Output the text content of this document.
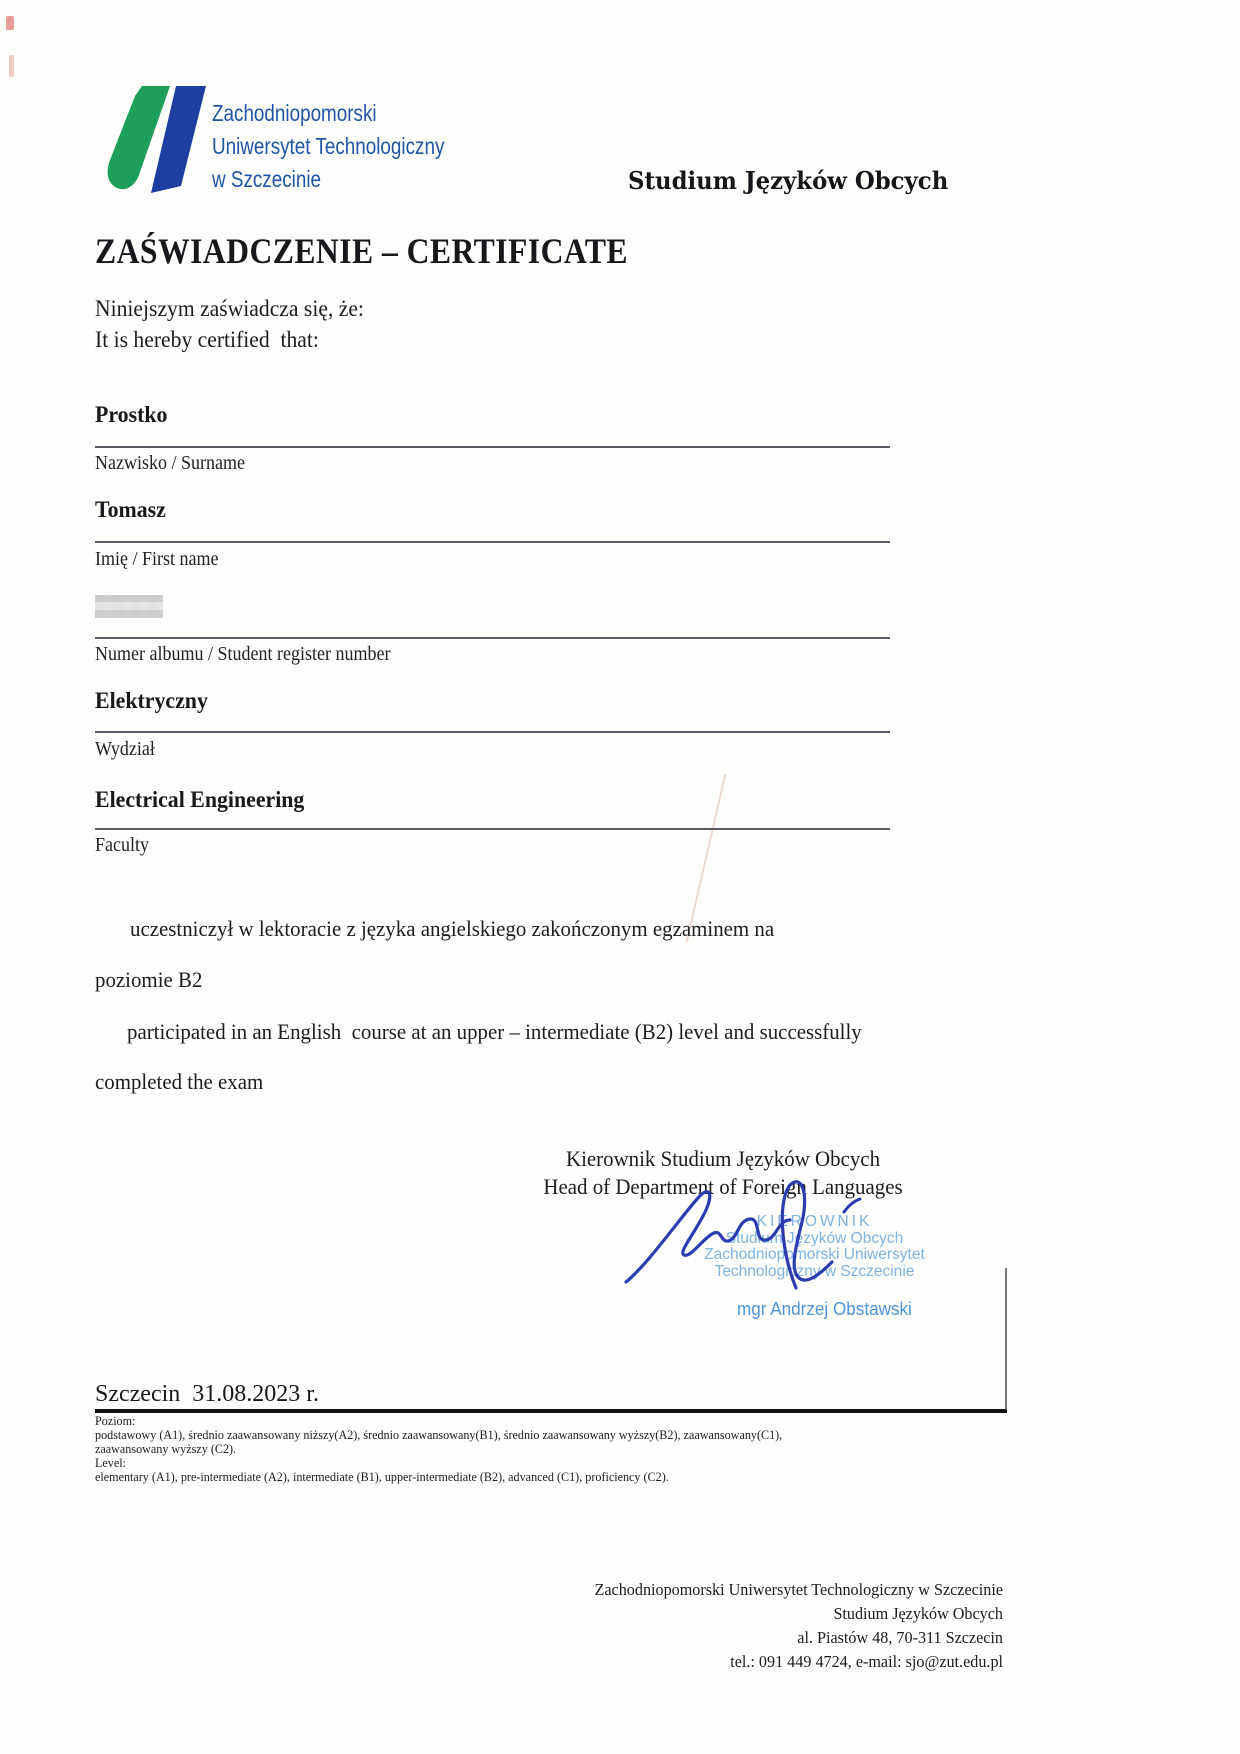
Zachodniopomorski
Uniwersytet Technologiczny
w Szczecinie	Studium Języków Obcych
ZAŚWIADCZENIE – CERTIFICATE
Niniejszym zaświadcza się, że:
It is hereby certified  that:
Prostko
Nazwisko / Surname
Tomasz
Imię / First name
Numer albumu / Student register number
Elektryczny
Wydział
Electrical Engineering
Faculty
uczestniczył w lektoracie z języka angielskiego zakończonym egzaminem na
poziomie B2
participated in an English  course at an upper – intermediate (B2) level and successfully
completed the exam
Kierownik Studium Języków Obcych
Head of Department of Foreign Languages
KIEROWNIK
Studium Języków Obcych
Zachodniopomorski Uniwersytet
Technologiczny w Szczecinie
mgr Andrzej Obstawski
Szczecin  31.08.2023 r.
Poziom:
podstawowy (A1), średnio zaawansowany niższy(A2), średnio zaawansowany(B1), średnio zaawansowany wyższy(B2), zaawansowany(C1),
zaawansowany wyższy (C2).
Level:
elementary (A1), pre-intermediate (A2), intermediate (B1), upper-intermediate (B2), advanced (C1), proficiency (C2).
Zachodniopomorski Uniwersytet Technologiczny w Szczecinie
Studium Języków Obcych
al. Piastów 48, 70-311 Szczecin
tel.: 091 449 4724, e-mail: sjo@zut.edu.pl
